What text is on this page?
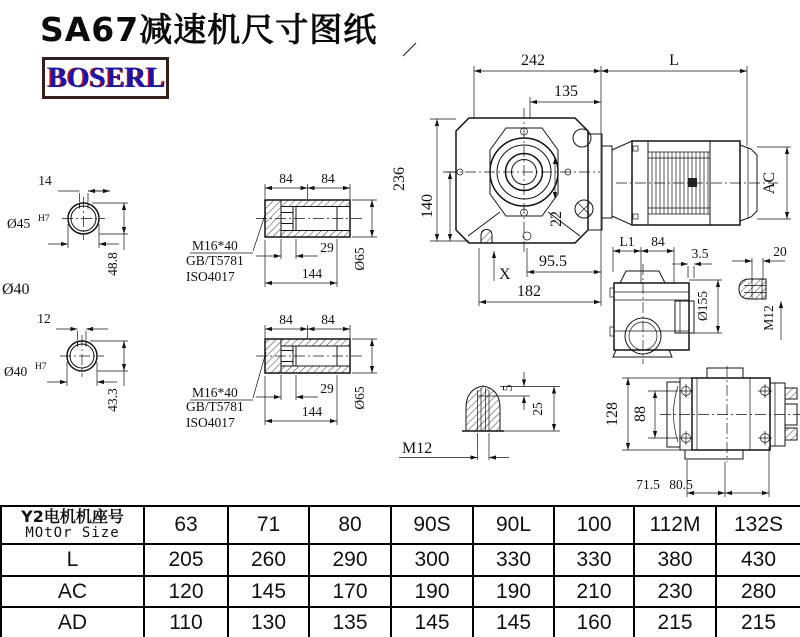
SA67减速机尺寸图纸
BOSERL
14
Ø45 H7
48.8
Ø40
12
Ø40 H7
43.3
84 84
29
144
Ø65
M16*40
GB/T5781
ISO4017
84 84
29
144
Ø65
M16*40
GB/T5781
ISO4017
242	L
135
236
140
22
95.5
182
X
AC
L1 84
3.5
Ø155
20
M12
5
25
M12
128 88
71.5 80.5
Y2电机机座号
MOtOr Size	63	71	80	90S	90L	100	112M	132S
L	205	260	290	300	330	330	380	430
AC	120	145	170	190	190	210	230	280
AD	110	130	135	145	145	160	215	215
